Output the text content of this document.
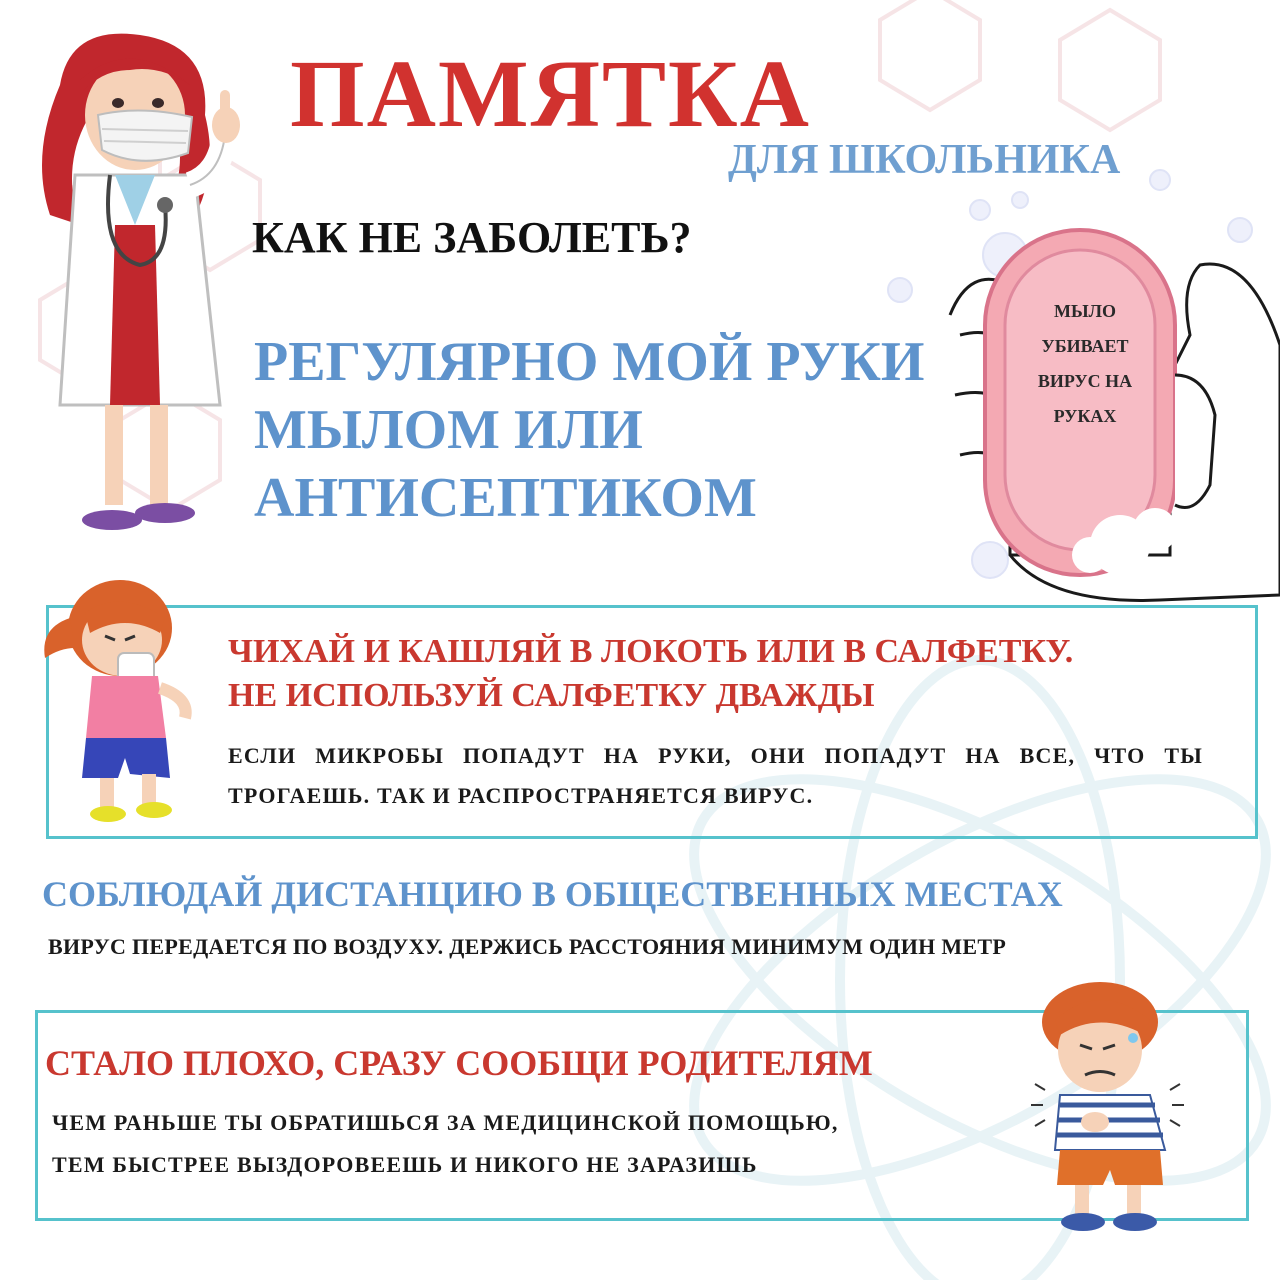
ПАМЯТКА
ДЛЯ ШКОЛЬНИКА
КАК НЕ ЗАБОЛЕТЬ?
РЕГУЛЯРНО МОЙ РУКИ
МЫЛОМ ИЛИ
АНТИСЕПТИКОМ
МЫЛО
УБИВАЕТ
ВИРУС НА
РУКАХ
ЧИХАЙ И КАШЛЯЙ В ЛОКОТЬ ИЛИ В САЛФЕТКУ.
НЕ ИСПОЛЬЗУЙ САЛФЕТКУ ДВАЖДЫ
ЕСЛИ МИКРОБЫ ПОПАДУТ НА РУКИ, ОНИ ПОПАДУТ НА ВСЕ, ЧТО ТЫ
ТРОГАЕШЬ. ТАК И РАСПРОСТРАНЯЕТСЯ ВИРУС.
СОБЛЮДАЙ ДИСТАНЦИЮ В ОБЩЕСТВЕННЫХ МЕСТАХ
ВИРУС ПЕРЕДАЕТСЯ ПО ВОЗДУХУ. ДЕРЖИСЬ РАССТОЯНИЯ МИНИМУМ ОДИН МЕТР
СТАЛО ПЛОХО, СРАЗУ СООБЩИ РОДИТЕЛЯМ
ЧЕМ РАНЬШЕ ТЫ ОБРАТИШЬСЯ ЗА МЕДИЦИНСКОЙ ПОМОЩЬЮ,
ТЕМ БЫСТРЕЕ ВЫЗДОРОВЕЕШЬ И НИКОГО НЕ ЗАРАЗИШЬ
